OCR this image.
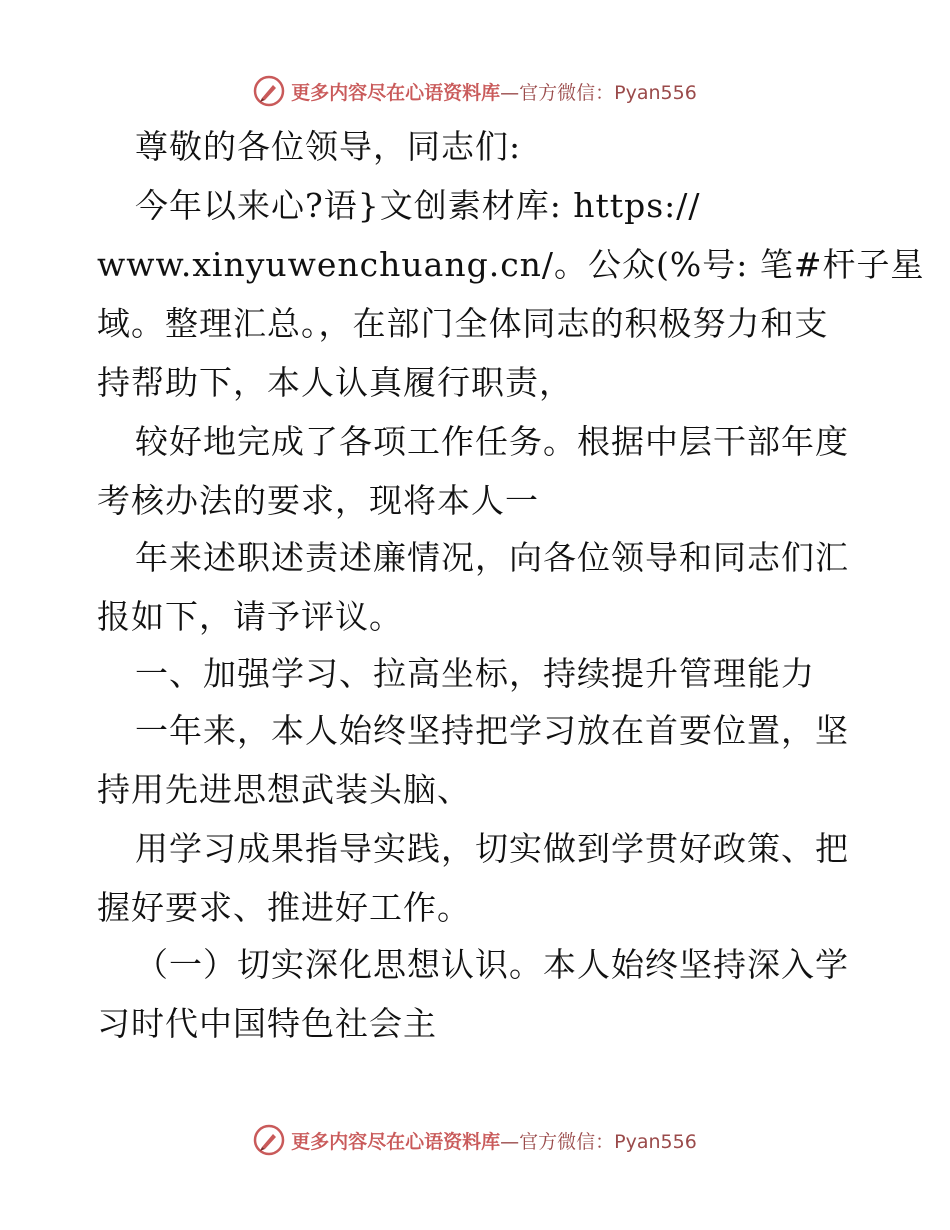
更多内容尽在心语资料库 —官方微信：Pyan556
尊敬的各位领导，同志们:
今年以来心?语}文创素材库: https://
www.xinyuwenchuang.cn/。公众(%号: 笔#杆子星
域。整理汇总。，在部门全体同志的积极努力和支
持帮助下，本人认真履行职责，
较好地完成了各项工作任务。根据中层干部年度
考核办法的要求，现将本人一
年来述职述责述廉情况，向各位领导和同志们汇
报如下，请予评议。
一、加强学习、拉高坐标，持续提升管理能力
一年来，本人始终坚持把学习放在首要位置，坚
持用先进思想武装头脑、
用学习成果指导实践，切实做到学贯好政策、把
握好要求、推进好工作。
（一）切实深化思想认识。本人始终坚持深入学
习时代中国特色社会主
更多内容尽在心语资料库 —官方微信：Pyan556
